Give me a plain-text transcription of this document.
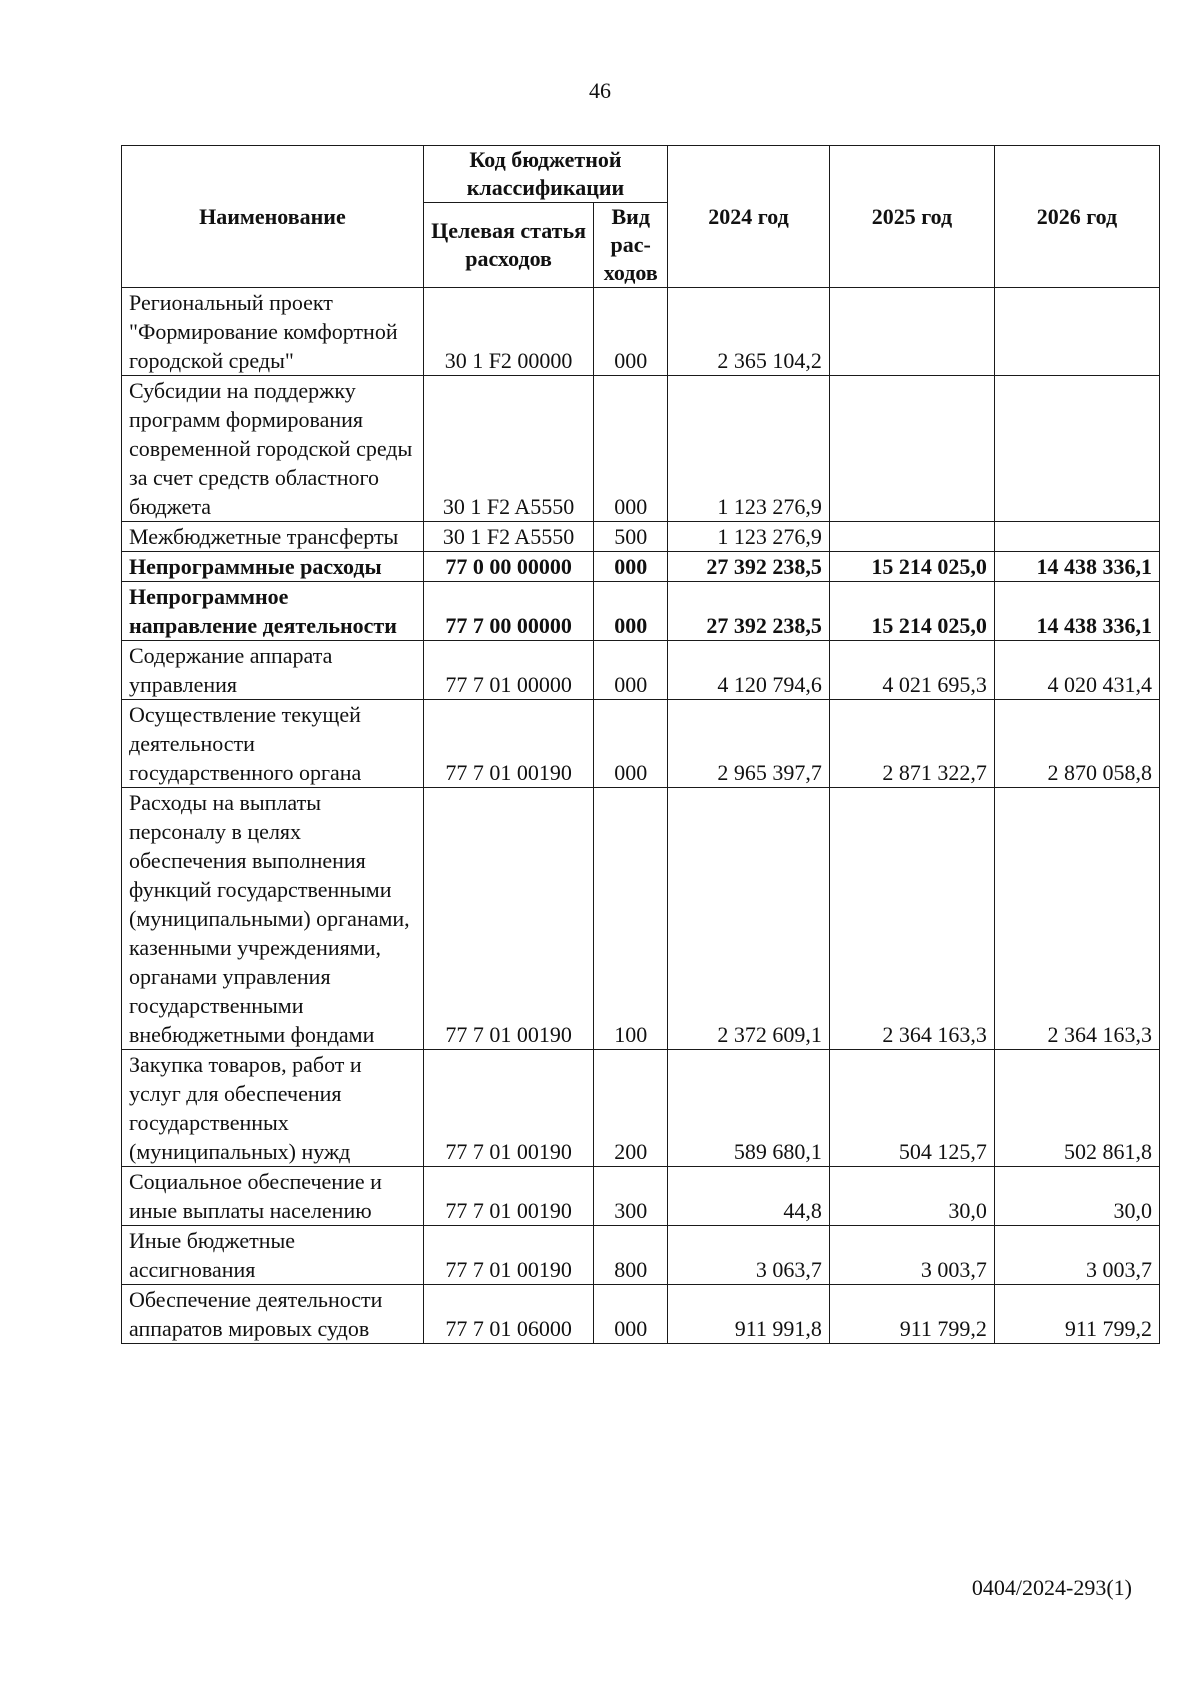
46
Наименование	Код бюджетной классификации		2024 год	2025 год	2026 год
	Целевая статья расходов	Вид рас-ходов			
Региональный проект "Формирование комфортной городской среды"	30 1 F2 00000	000	2 365 104,2		
Субсидии на поддержку программ формирования современной городской среды за счет средств областного бюджета	30 1 F2 A5550	000	1 123 276,9		
Межбюджетные трансферты	30 1 F2 A5550	500	1 123 276,9		
Непрограммные расходы	77 0 00 00000	000	27 392 238,5	15 214 025,0	14 438 336,1
Непрограммное направление деятельности	77 7 00 00000	000	27 392 238,5	15 214 025,0	14 438 336,1
Содержание аппарата управления	77 7 01 00000	000	4 120 794,6	4 021 695,3	4 020 431,4
Осуществление текущей деятельности государственного органа	77 7 01 00190	000	2 965 397,7	2 871 322,7	2 870 058,8
Расходы на выплаты персоналу в целях обеспечения выполнения функций государственными (муниципальными) органами, казенными учреждениями, органами управления государственными внебюджетными фондами	77 7 01 00190	100	2 372 609,1	2 364 163,3	2 364 163,3
Закупка товаров, работ и услуг для обеспечения государственных (муниципальных) нужд	77 7 01 00190	200	589 680,1	504 125,7	502 861,8
Социальное обеспечение и иные выплаты населению	77 7 01 00190	300	44,8	30,0	30,0
Иные бюджетные ассигнования	77 7 01 00190	800	3 063,7	3 003,7	3 003,7
Обеспечение деятельности аппаратов мировых судов	77 7 01 06000	000	911 991,8	911 799,2	911 799,2
0404/2024-293(1)
